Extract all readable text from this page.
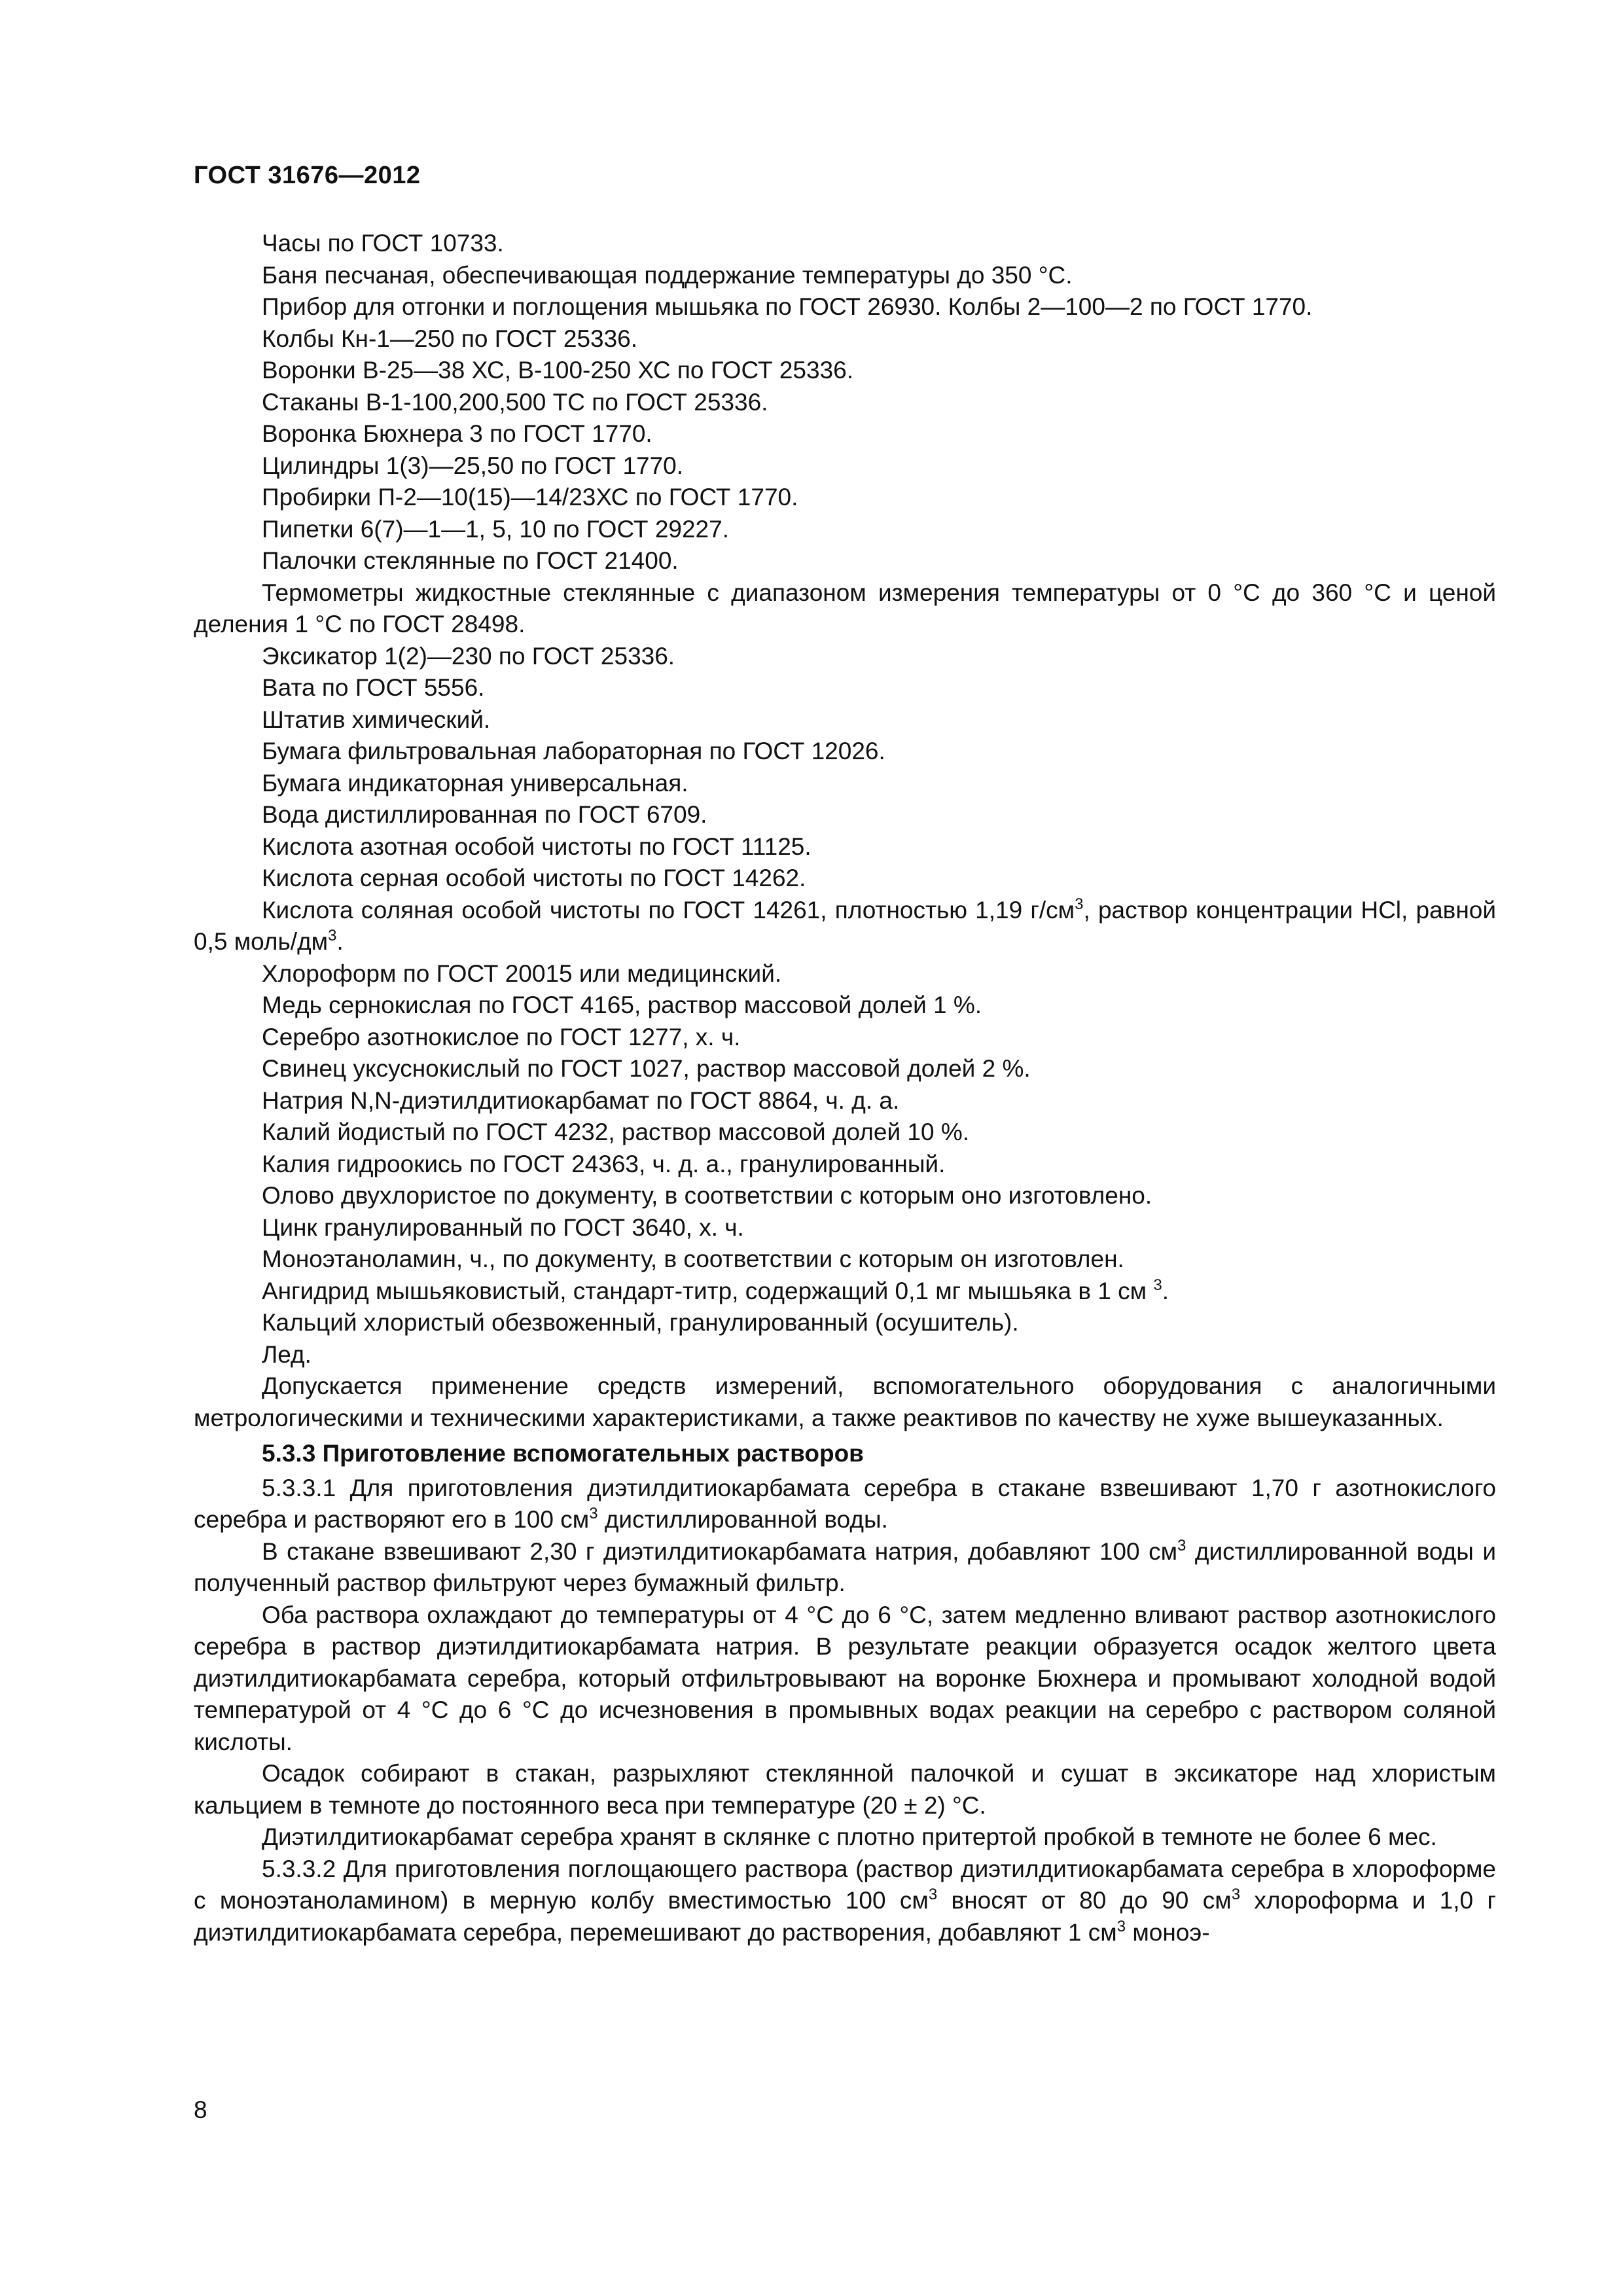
ГОСТ 31676—2012

Часы по ГОСТ 10733.

Баня песчаная, обеспечивающая поддержание температуры до 350 °С.

Прибор для отгонки и поглощения мышьяка по ГОСТ 26930. Колбы 2—100—2 по ГОСТ 1770.

Колбы Кн-1—250 по ГОСТ 25336.

Воронки В-25—38 ХС, В-100-250 ХС по ГОСТ 25336.

Стаканы В-1-100,200,500 ТС по ГОСТ 25336.

Воронка Бюхнера 3 по ГОСТ 1770.

Цилиндры 1(3)—25,50 по ГОСТ 1770.

Пробирки П-2—10(15)—14/23ХС по ГОСТ 1770.

Пипетки 6(7)—1—1, 5, 10 по ГОСТ 29227.

Палочки стеклянные по ГОСТ 21400.

Термометры жидкостные стеклянные с диапазоном измерения температуры от 0 °С до 360 °С и ценой деления 1 °С по ГОСТ 28498.

Эксикатор 1(2)—230 по ГОСТ 25336.

Вата по ГОСТ 5556.

Штатив химический.

Бумага фильтровальная лабораторная по ГОСТ 12026.

Бумага индикаторная универсальная.

Вода дистиллированная по ГОСТ 6709.

Кислота азотная особой чистоты по ГОСТ 11125.

Кислота серная особой чистоты по ГОСТ 14262.

Кислота соляная особой чистоты по ГОСТ 14261, плотностью 1,19 $г/см^3$, раствор концентрации HCl, равной 0,5 моль/$дм^3$.

Хлороформ по ГОСТ 20015 или медицинский.

Медь сернокислая по ГОСТ 4165, раствор массовой долей 1 %.

Серебро азотнокислое по ГОСТ 1277, х. ч.

Свинец уксуснокислый по ГОСТ 1027, раствор массовой долей 2 %.

Натрия N,N-диэтилдитиокарбамат по ГОСТ 8864, ч. д. а.

Калий йодистый по ГОСТ 4232, раствор массовой долей 10 %.

Калия гидроокись по ГОСТ 24363, ч. д. а., гранулированный.

Олово двухлористое по документу, в соответствии с которым оно изготовлено.

Цинк гранулированный по ГОСТ 3640, х. ч.

Моноэтаноламин, ч., по документу, в соответствии с которым он изготовлен.

Ангидрид мышьяковистый, стандарт-титр, содержащий 0,1 мг мышьяка в 1 см $^3$.

Кальций хлористый обезвоженный, гранулированный (осушитель).

Лед.

Допускается применение средств измерений, вспомогательного оборудования с аналогичными метрологическими и техническими характеристиками, а также реактивов по качеству не хуже вышеуказанных.

5.3.3 Приготовление вспомогательных растворов

5.3.3.1 Для приготовления диэтилдитиокарбамата серебра в стакане взвешивают 1,70 г азотнокислого серебра и растворяют его в 100 $см^3$ дистиллированной воды.

В стакане взвешивают 2,30 г диэтилдитиокарбамата натрия, добавляют 100 $см^3$ дистиллированной воды и полученный раствор фильтруют через бумажный фильтр.

Оба раствора охлаждают до температуры от 4 °С до 6 °С, затем медленно вливают раствор азотнокислого серебра в раствор диэтилдитиокарбамата натрия. В результате реакции образуется осадок желтого цвета диэтилдитиокарбамата серебра, который отфильтровывают на воронке Бюхнера и промывают холодной водой температурой от 4 °С до 6 °С до исчезновения в промывных водах реакции на серебро с раствором соляной кислоты.

Осадок собирают в стакан, разрыхляют стеклянной палочкой и сушат в эксикаторе над хлористым кальцием в темноте до постоянного веса при температуре (20 ± 2) °С.

Диэтилдитиокарбамат серебра хранят в склянке с плотно притертой пробкой в темноте не более 6 мес.

5.3.3.2 Для приготовления поглощающего раствора (раствор диэтилдитиокарбамата серебра в хлороформе с моноэтаноламином) в мерную колбу вместимостью 100 $см^3$ вносят от 80 до 90 $см^3$ хлороформа и 1,0 г диэтилдитиокарбамата серебра, перемешивают до растворения, добавляют 1 $см^3$ моноэ-

8
